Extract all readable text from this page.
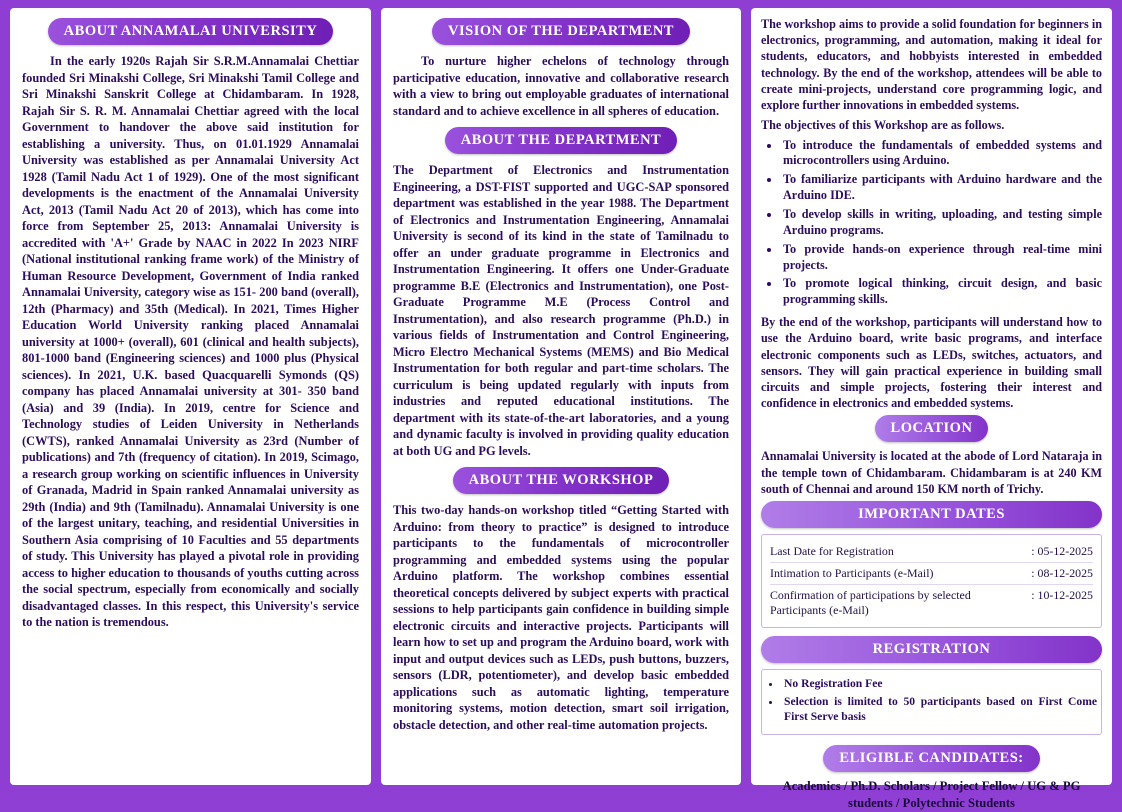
ABOUT ANNAMALAI UNIVERSITY

In the early 1920s Rajah Sir S.R.M.Annamalai Chettiar founded Sri Minakshi College, Sri Minakshi Tamil College and Sri Minakshi Sanskrit College at Chidambaram. In 1928, Rajah Sir S. R. M. Annamalai Chettiar agreed with the local Government to handover the above said institution for establishing a university. Thus, on 01.01.1929 Annamalai University was established as per Annamalai University Act 1928 (Tamil Nadu Act 1 of 1929). One of the most significant developments is the enactment of the Annamalai University Act, 2013 (Tamil Nadu Act 20 of 2013), which has come into force from September 25, 2013: Annamalai University is accredited with 'A+' Grade by NAAC in 2022 In 2023 NIRF (National institutional ranking frame work) of the Ministry of Human Resource Development, Government of India ranked Annamalai University, category wise as 151- 200 band (overall), 12th (Pharmacy) and 35th (Medical). In 2021, Times Higher Education World University ranking placed Annamalai university at 1000+ (overall), 601 (clinical and health subjects), 801-1000 band (Engineering sciences) and 1000 plus (Physical sciences). In 2021, U.K. based Quacquarelli Symonds (QS) company has placed Annamalai university at 301- 350 band (Asia) and 39 (India). In 2019, centre for Science and Technology studies of Leiden University in Netherlands (CWTS), ranked Annamalai University as 23rd (Number of publications) and 7th (frequency of citation). In 2019, Scimago, a research group working on scientific influences in University of Granada, Madrid in Spain ranked Annamalai university as 29th (India) and 9th (Tamilnadu). Annamalai University is one of the largest unitary, teaching, and residential Universities in Southern Asia comprising of 10 Faculties and 55 departments of study. This University has played a pivotal role in providing access to higher education to thousands of youths cutting across the social spectrum, especially from economically and socially disadvantaged classes. In this respect, this University's service to the nation is tremendous.

VISION OF THE DEPARTMENT

To nurture higher echelons of technology through participative education, innovative and collaborative research with a view to bring out employable graduates of international standard and to achieve excellence in all spheres of education.

ABOUT THE DEPARTMENT

The Department of Electronics and Instrumentation Engineering, a DST-FIST supported and UGC-SAP sponsored department was established in the year 1988. The Department of Electronics and Instrumentation Engineering, Annamalai University is second of its kind in the state of Tamilnadu to offer an under graduate programme in Electronics and Instrumentation Engineering. It offers one Under-Graduate programme B.E (Electronics and Instrumentation), one Post-Graduate Programme M.E (Process Control and Instrumentation), and also research programme (Ph.D.) in various fields of Instrumentation and Control Engineering, Micro Electro Mechanical Systems (MEMS) and Bio Medical Instrumentation for both regular and part-time scholars. The curriculum is being updated regularly with inputs from industries and reputed educational institutions. The department with its state-of-the-art laboratories, and a young and dynamic faculty is involved in providing quality education at both UG and PG levels.

ABOUT THE WORKSHOP

This two-day hands-on workshop titled “Getting Started with Arduino: from theory to practice” is designed to introduce participants to the fundamentals of microcontroller programming and embedded systems using the popular Arduino platform. The workshop combines essential theoretical concepts delivered by subject experts with practical sessions to help participants gain confidence in building simple electronic circuits and interactive projects. Participants will learn how to set up and program the Arduino board, work with input and output devices such as LEDs, push buttons, buzzers, sensors (LDR, potentiometer), and develop basic embedded applications such as automatic lighting, temperature monitoring systems, motion detection, smart soil irrigation, obstacle detection, and other real-time automation projects.

The workshop aims to provide a solid foundation for beginners in electronics, programming, and automation, making it ideal for students, educators, and hobbyists interested in embedded technology. By the end of the workshop, attendees will be able to create mini-projects, understand core programming logic, and explore further innovations in embedded systems.

The objectives of this Workshop are as follows.

• To introduce the fundamentals of embedded systems and microcontrollers using Arduino.
• To familiarize participants with Arduino hardware and the Arduino IDE.
• To develop skills in writing, uploading, and testing simple Arduino programs.
• To provide hands-on experience through real-time mini projects.
• To promote logical thinking, circuit design, and basic programming skills.

By the end of the workshop, participants will understand how to use the Arduino board, write basic programs, and interface electronic components such as LEDs, switches, actuators, and sensors. They will gain practical experience in building small circuits and simple projects, fostering their interest and confidence in electronics and embedded systems.

LOCATION

Annamalai University is located at the abode of Lord Nataraja in the temple town of Chidambaram. Chidambaram is at 240 KM south of Chennai and around 150 KM north of Trichy.

IMPORTANT DATES
Last Date for Registration	: 05-12-2025
Intimation to Participants (e-Mail)	: 08-12-2025
Confirmation of participations by selected Participants (e-Mail)
: 10-12-2025
REGISTRATION
• No Registration Fee
• Selection is limited to 50 participants based on First Come First Serve basis
ELIGIBLE CANDIDATES:
Academics / Ph.D. Scholars / Project Fellow / UG & PG students / Polytechnic Students
